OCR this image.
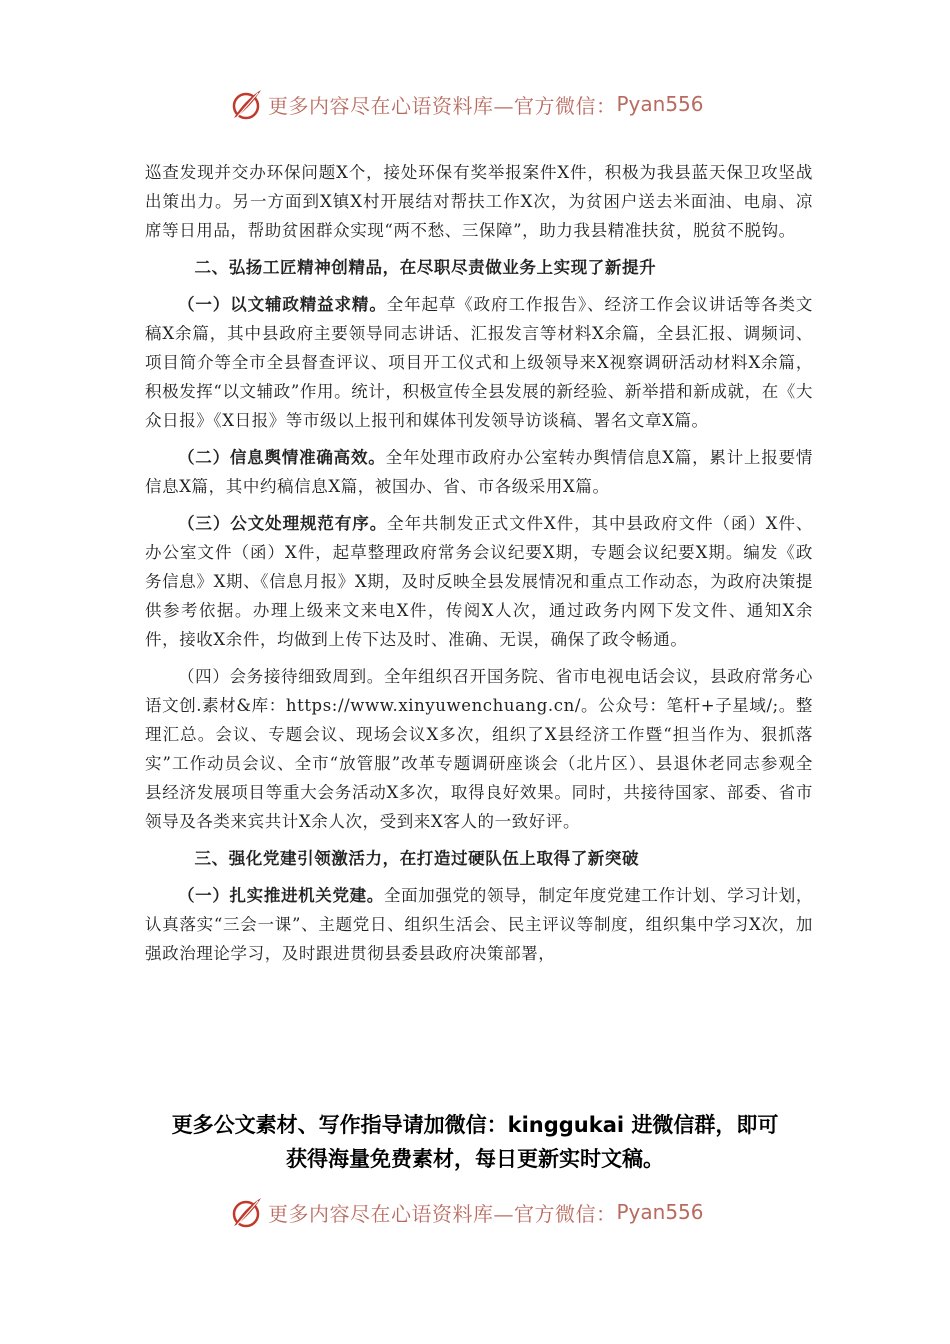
更多内容尽在心语资料库—官方微信： Pyan556

巡查发现并交办环保问题X个，接处环保有奖举报案件X件，积极为我县蓝天保卫攻坚战出策出力。另一方面到X镇X村开展结对帮扶工作X次，为贫困户送去米面油、电扇、凉席等日用品，帮助贫困群众实现“两不愁、三保障”，助力我县精准扶贫，脱贫不脱钩。

二、弘扬工匠精神创精品，在尽职尽责做业务上实现了新提升

（一）以文辅政精益求精。全年起草《政府工作报告》、经济工作会议讲话等各类文稿X余篇，其中县政府主要领导同志讲话、汇报发言等材料X余篇，全县汇报、调频词、项目简介等全市全县督查评议、项目开工仪式和上级领导来X视察调研活动材料X余篇，积极发挥“以文辅政”作用。统计，积极宣传全县发展的新经验、新举措和新成就，在《大众日报》《X日报》等市级以上报刊和媒体刊发领导访谈稿、署名文章X篇。

（二）信息舆情准确高效。全年处理市政府办公室转办舆情信息X篇，累计上报要情信息X篇，其中约稿信息X篇，被国办、省、市各级采用X篇。

（三）公文处理规范有序。全年共制发正式文件X件，其中县政府文件（函）X件、办公室文件（函）X件，起草整理政府常务会议纪要X期，专题会议纪要X期。编发《政务信息》X期、《信息月报》X期，及时反映全县发展情况和重点工作动态，为政府决策提供参考依据。办理上级来文来电X件，传阅X人次，通过政务内网下发文件、通知X余件，接收X余件，均做到上传下达及时、准确、无误，确保了政令畅通。

（四）会务接待细致周到。全年组织召开国务院、省市电视电话会议，县政府常务心语文创.素材&库：https://www.xinyuwenchuang.cn/。公众号：笔杆+子星域/;。整理汇总。会议、专题会议、现场会议X多次，组织了X县经济工作暨“担当作为、狠抓落实”工作动员会议、全市“放管服”改革专题调研座谈会（北片区）、县退休老同志参观全县经济发展项目等重大会务活动X多次，取得良好效果。同时，共接待国家、部委、省市领导及各类来宾共计X余人次，受到来X客人的一致好评。

三、强化党建引领激活力，在打造过硬队伍上取得了新突破

（一）扎实推进机关党建。全面加强党的领导，制定年度党建工作计划、学习计划，认真落实“三会一课”、主题党日、组织生活会、民主评议等制度，组织集中学习X次，加强政治理论学习，及时跟进贯彻县委县政府决策部署，

更多公文素材、写作指导请加微信：kinggukai 进微信群，即可
获得海量免费素材，每日更新实时文稿。
更多内容尽在心语资料库—官方微信： Pyan556
